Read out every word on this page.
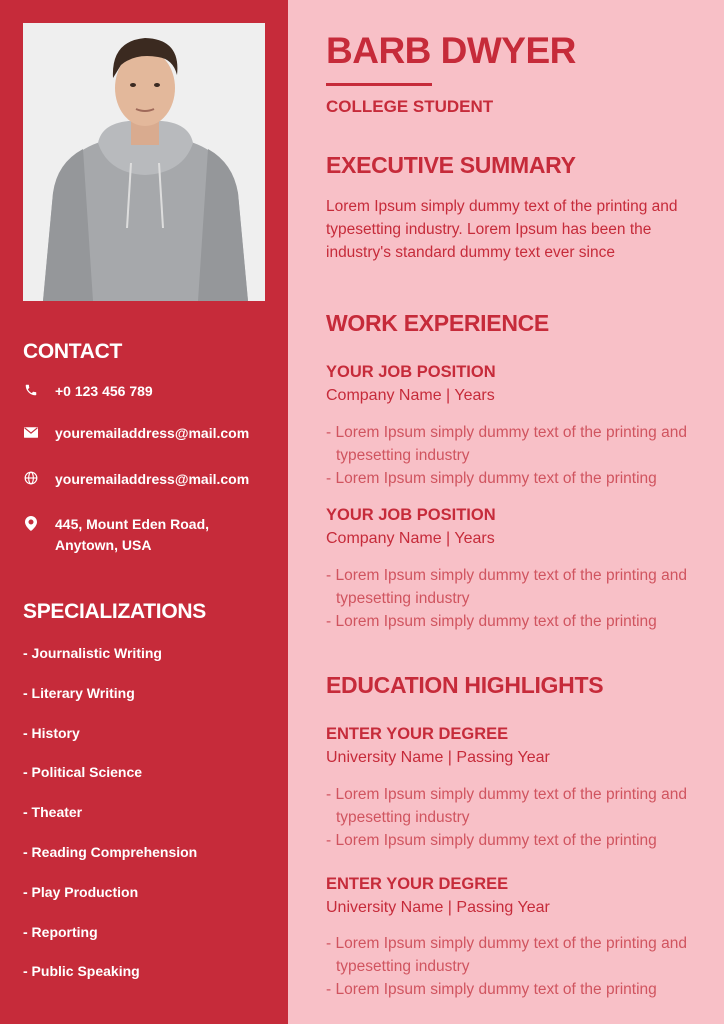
CONTACT
+0 123 456 789
youremailaddress@mail.com
youremailaddress@mail.com
445, Mount Eden Road,
Anytown, USA
SPECIALIZATIONS
- Journalistic Writing
- Literary Writing
- History
- Political Science
- Theater
- Reading Comprehension
- Play Production
- Reporting
- Public Speaking
BARB DWYER
COLLEGE STUDENT
EXECUTIVE SUMMARY
Lorem Ipsum simply dummy text of the printing and typesetting industry. Lorem Ipsum has been the industry's standard dummy text ever since
WORK EXPERIENCE
YOUR JOB POSITION
Company Name | Years
- Lorem Ipsum simply dummy text of the printing and typesetting industry
- Lorem Ipsum simply dummy text of the printing
YOUR JOB POSITION
Company Name | Years
- Lorem Ipsum simply dummy text of the printing and typesetting industry
- Lorem Ipsum simply dummy text of the printing
EDUCATION HIGHLIGHTS
ENTER YOUR DEGREE
University Name | Passing Year
- Lorem Ipsum simply dummy text of the printing and typesetting industry
- Lorem Ipsum simply dummy text of the printing
ENTER YOUR DEGREE
University Name | Passing Year
- Lorem Ipsum simply dummy text of the printing and typesetting industry
- Lorem Ipsum simply dummy text of the printing
